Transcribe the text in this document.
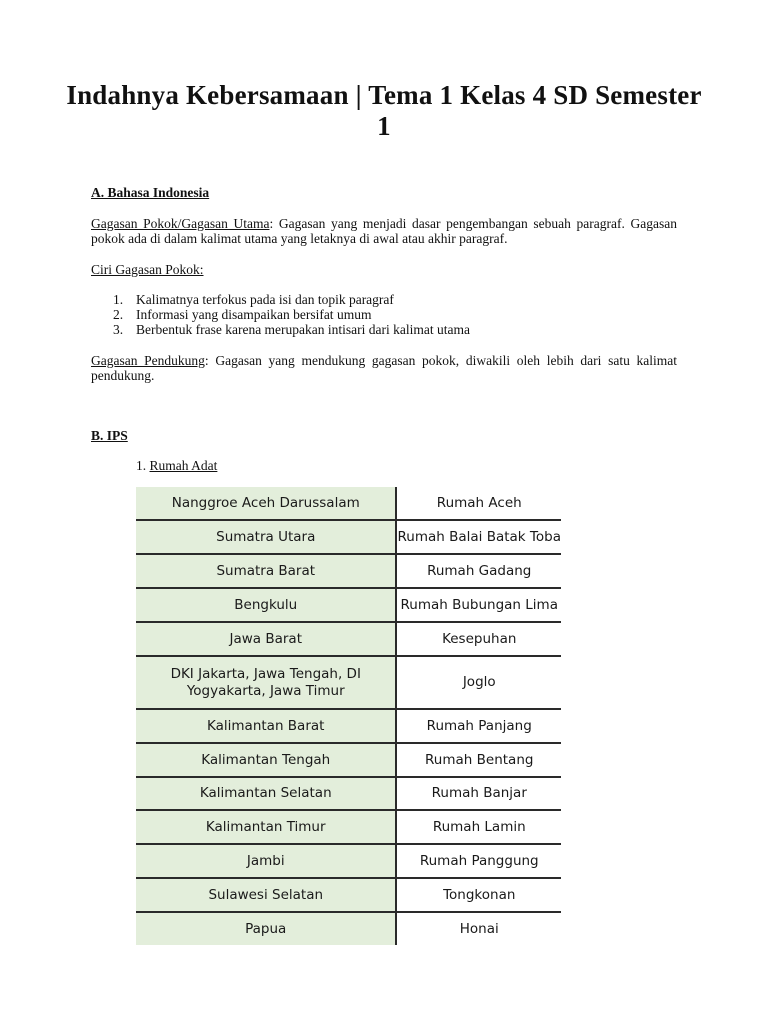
Indahnya Kebersamaan | Tema 1 Kelas 4 SD Semester 1
A. Bahasa Indonesia
Gagasan Pokok/Gagasan Utama: Gagasan yang menjadi dasar pengembangan sebuah paragraf. Gagasan pokok ada di dalam kalimat utama yang letaknya di awal atau akhir paragraf.
Ciri Gagasan Pokok:
1. Kalimatnya terfokus pada isi dan topik paragraf
2. Informasi yang disampaikan bersifat umum
3. Berbentuk frase karena merupakan intisari dari kalimat utama
Gagasan Pendukung: Gagasan yang mendukung gagasan pokok, diwakili oleh lebih dari satu kalimat pendukung.
B. IPS
1. Rumah Adat
Nanggroe Aceh Darussalam	Rumah Aceh
Sumatra Utara	Rumah Balai Batak Toba
Sumatra Barat	Rumah Gadang
Bengkulu	Rumah Bubungan Lima
Jawa Barat	Kesepuhan
DKI Jakarta, Jawa Tengah, DI Yogyakarta, Jawa Timur	Joglo
Kalimantan Barat	Rumah Panjang
Kalimantan Tengah	Rumah Bentang
Kalimantan Selatan	Rumah Banjar
Kalimantan Timur	Rumah Lamin
Jambi	Rumah Panggung
Sulawesi Selatan	Tongkonan
Papua	Honai
